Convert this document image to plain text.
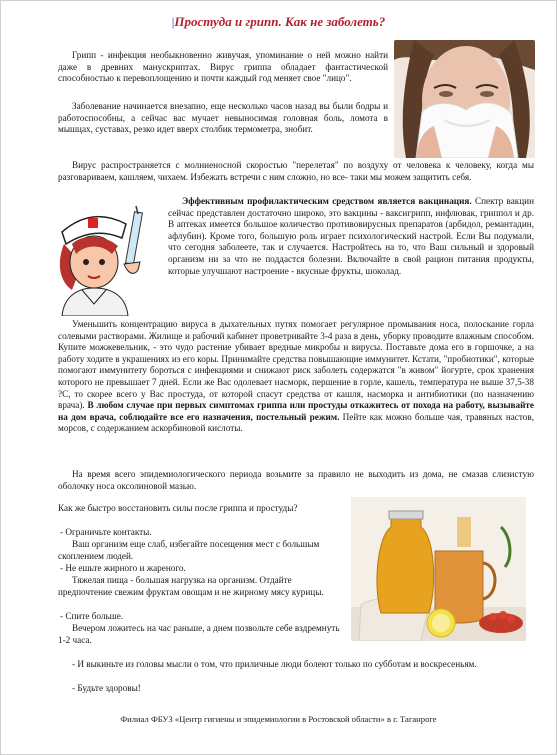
|Простуда и грипп. Как не заболеть?

Грипп - инфекция необыкновенно живучая, упоминание о ней можно найти даже в древних манускриптах. Вирус гриппа обладает фантастической способностью к перевоплощению и почти каждый год меняет свое "лицо".

Заболевание начинается внезапно, еще несколько часов назад вы были бодры и работоспособны, а сейчас вас мучает невыносимая головная боль, ломота в мышцах, суставах, резко идет вверх столбик термометра, знобит.

Вирус распространяется с молниеносной скоростью "перелетая" по воздуху от человека к человеку, когда мы разговариваем, кашляем, чихаем. Избежать встречи с ним сложно, но все- таки мы можем защитить себя.

Эффективным профилактическим средством является вакцинация. Спектр вакцин сейчас представлен достаточно широко, это вакцины - ваксигрипп, инфлювак, гриппол и др. В аптеках имеется большое количество противовирусных препаратов (арбидол, ремантадин, афлубин). Кроме того, большую роль играет психологический настрой. Если Вы подумали, что сегодня заболеете, так и случается. Настройтесь на то, что Ваш сильный и здоровый организм ни за что не поддастся болезни. Включайте в свой рацион питания продукты, которые улучшают настроение - вкусные фрукты, шоколад.

Уменьшить концентрацию вируса в дыхательных путях помогает регулярное промывания носа, полоскание горла солевыми растворами. Жилище и рабочий кабинет проветривайте 3-4 раза в день, уборку проводите влажным способом. Купите можжевельник, - это чудо растение убивает вредные микробы и вирусы. Поставьте дома его в горшочке, а на работу ходите в украшениях из его коры. Принимайте средства повышающие иммунитет. Кстати, "пробиотики", которые помогают иммунитету бороться с инфекциями и снижают риск заболеть содержатся "в живом" йогурте, срок хранения которого не превышает 7 дней. Если же Вас одолевает насморк, першение в горле, кашель, температура не выше 37,5-38 ?С, то скорее всего у Вас простуда, от которой спасут средства от кашля, насморка и антибиотики (по назначению врача). В любом случае при первых симптомах гриппа или простуды откажитесь от похода на работу, вызывайте на дом врача, соблюдайте все его назначения, постельный режим. Пейте как можно больше чая, травяных настов, морсов, с содержанием аскорбиновой кислоты.

На время всего эпидемиологического периода возьмите за правило не выходить из дома, не смазав слизистую оболочку носа оксолиновой мазью.

Как же быстро восстановить силы после гриппа и простуды?

- Ограничьте контакты.

Ваш организм еще слаб, избегайте посещения мест с большым скоплением людей.

- Не ешьте жирного и жареного.

Тяжелая пища - большая нагрузка на организм. Отдайте предпочтение свежим фруктам овощам и не жирному мясу курицы.

- Спите больше.

Вечером ложитесь на час раньше, а днем позвольте себе вздремнуть 1-2 часа.

- И выкиньте из головы мысли о том, что приличные люди болеют только по субботам и воскресеньям.

- Будьте здоровы!

Филиал ФБУЗ «Центр гигиены и эпидемиологии в Ростовской области» в г. Таганроге
